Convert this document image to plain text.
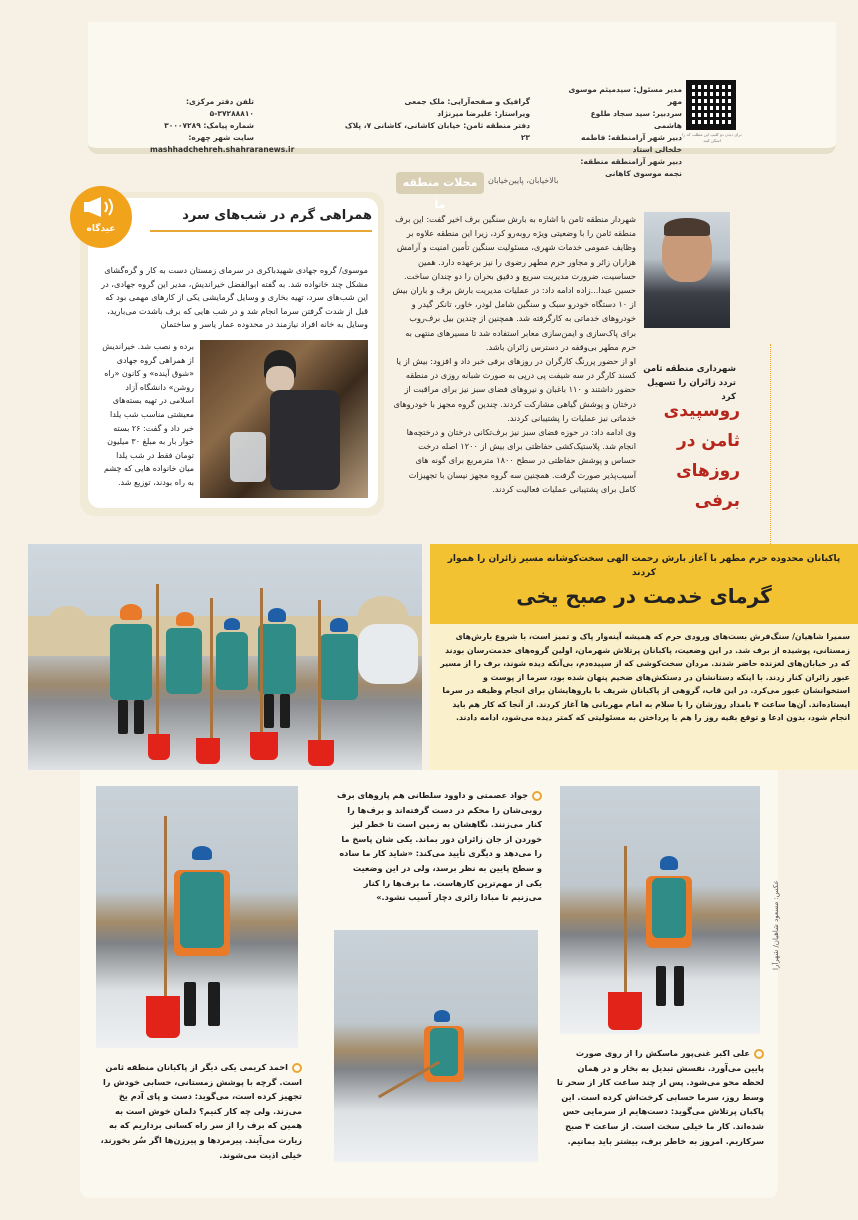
مدیر مسئول: سیدمیثم موسوی مهر
سردبیر: سید سجاد طلوع هاشمی
دبیر شهر آرامنطقه: فاطمه خلخالی استاد
دبیر شهر آرامنطقه منطقه: نجمه موسوی کاهانی
گرافیک و صفحه‌آرایی: ملک جمعی
ویراستار: علیرضا میرنژاد
دفتر منطقه ثامن: خیابان کاشانی، کاشانی ۷، پلاک ۲۳
تلفن دفتر مرکزی: ۳۷۲۸۸۸۱۰-۵
شماره پیامک: ۳۰۰۰۷۲۸۹
سایت شهر چهره:
mashhadchehreh.shahraranews.ir
برای دیدن دو کلیپ این مطلب کد را اسکن کنید
محلات منطقه ما
بالاخیابان، پایین‌خیابان
عیدگاه
همراهی گرم در شب‌های سرد
موسوی/ گروه جهادی شهیدباکری در سرمای زمستان دست به کار و گره‌گشای مشکل چند خانواده شد. به گفته ابوالفضل خیراندیش، مدیر این گروه جهادی، در این شب‌های سرد، تهیه بخاری و وسایل گرمایشی یکی از کارهای مهمی بود که قبل از شدت گرفتن سرما انجام شد و در شب هایی که برف باشدت می‌بارید، وسایل به خانه افراد نیازمند در محدوده عمار یاسر و ساختمان
برده و نصب شد. خیراندیش از همراهی گروه جهادی «شوق آینده» و کانون «راه روشن» دانشگاه آزاد اسلامی در تهیه بسته‌های معیشتی مناسب شب یلدا خبر داد و گفت: ۲۶ بسته خوار بار به مبلغ ۳۰ میلیون تومان فقط در شب یلدا میان خانواده هایی که چشم به راه بودند، توزیع شد.

شهردار منطقه ثامن با اشاره به بارش سنگین برف اخیر گفت: این برف منطقه ثامن را با وضعیتی ویژه روبه‌رو کرد، زیرا این منطقه علاوه بر وظایف عمومی خدمات شهری، مسئولیت سنگین تأمین امنیت و آرامش هزاران زائر و مجاور حرم مطهر رضوی را نیز برعهده دارد. همین حساسیت، ضرورت مدیریت سریع و دقیق بحران را دو چندان ساخت. حسین عبدا...زاده ادامه داد: در عملیات مدیریت بارش برف و باران بیش از ۱۰ دستگاه خودرو سبک و سنگین شامل لودر، خاور، تانکر گیدر و خودروهای خدماتی به کارگرفته شد. همچنین از چندین بیل برف‌روب برای پاک‌سازی و ایمن‌سازی معابر استفاده شد تا مسیرهای منتهی به حرم مطهر بی‌وقفه در دسترس زائران باشد.

او از حضور پررنگ کارگران در روزهای برفی خبر داد و افزود: بیش از یا کسند کارگر در سه شیفت پی درپی به صورت شبانه روزی در منطقه حضور داشتند و ۱۱۰ باغبان و نیروهای فضای سبز نیز برای مراقبت از درختان و پوشش گیاهی مشارکت کردند. چندین گروه مجهز با خودروهای خدماتی نیز عملیات را پشتیبانی کردند.

وی ادامه داد: در حوزه فضای سبز نیز برف‌تکانی درختان و درختچه‌ها انجام شد. پلاستیک‌کشی حفاظتی برای بیش از ۱۲۰۰ اصله درخت حساس و پوشش حفاظتی در سطح ۱۸۰۰ مترمربع برای گونه های آسیب‌پذیر صورت گرفت. همچنین سه گروه مجهز نیسان با تجهیزات کامل برای پشتیبانی عملیات فعالیت کردند.

شهرداری منطقه ثامن تردد زائران را تسهیل کرد
روسپیدی ثامن در روزهای برفی
پاکبانان محدوده حرم مطهر با آغاز بارش رحمت الهی سخت‌کوشانه مسیر زائران را هموار کردند
گرمای خدمت در صبح یخی
سمیرا شاهیان/ سنگ‌فرش بست‌های ورودی حرم که همیشه آینه‌وار پاک و تمیز است، با شروع بارش‌های زمستانی، پوشیده از برف شد. در این وضعیت، پاکبانان پرتلاش شهرمان، اولین گروه‌های خدمت‌رسان بودند که در خیابان‌های لغزنده حاضر شدند. مردان سخت‌کوشی که از سپیده‌دم، بی‌آنکه دیده شوند، برف را از مسیر عبور زائران کنار زدند. با اینکه دستانشان در دستکش‌های ضخیم پنهان شده بود، سرما از پوست و استخوانشان عبور می‌کرد. در این قاب، گروهی از پاکبانان شریف با یاروهایشان برای انجام وظیفه در سرما ایستاده‌اند. آن‌ها ساعت ۴ بامداد روزشان را با سلام به امام مهربانی ها آغاز کردند. از آنجا که کار هم باید انجام شود، بدون ادعا و توقع بقیه روز را هم با پرداختن به مسئولیتی که کمتر دیده می‌شود، ادامه دادند.
جواد عصمتی و داوود سلطانی هم پاروهای برف روبی‌شان را محکم در دست گرفته‌اند و برف‌ها را کنار می‌زنند. نگاهشان به زمین است تا خطر لیز خوردن از جان زائران دور بماند. یکی شان پاسخ ما را می‌دهد و دیگری تأیید می‌کند: «شاید کار ما ساده و سطح پایین به نظر برسد، ولی در این وضعیت یکی از مهم‌ترین کارهاست. ما برف‌ها را کنار می‌زنیم تا مبادا زائری دچار آسیب نشود.»
علی اکبر غنی‌پور ماسکش را از روی صورت پایین می‌آورد. نفسش تبدیل به بخار و در همان لحظه محو می‌شود. پس از چند ساعت کار از سحر تا وسط روز، سرما حسابی کرخت‌اش کرده است. این پاکبان پرتلاش می‌گوید: دست‌هایم از سرمایی حس شده‌اند. کار ما خیلی سخت است. از ساعت ۴ صبح سرکاریم. امروز به خاطر برف، بیشتر باید بمانیم.
احمد کریمی یکی دیگر از پاکبانان منطقه ثامن است. گرچه با پوشش زمستانی، حسابی خودش را تجهیز کرده است، می‌گوید: دست و پای آدم یخ می‌زند. ولی چه کار کنیم؟ دلمان خوش است به همین که برف را از سر راه کسانی برداریم که به زیارت می‌آیند. پیرمردها و پیرزن‌ها اگر سُر بخورند، خیلی اذیت می‌شوند.
عکس: مسعود شاهیان/ شهرآرا
